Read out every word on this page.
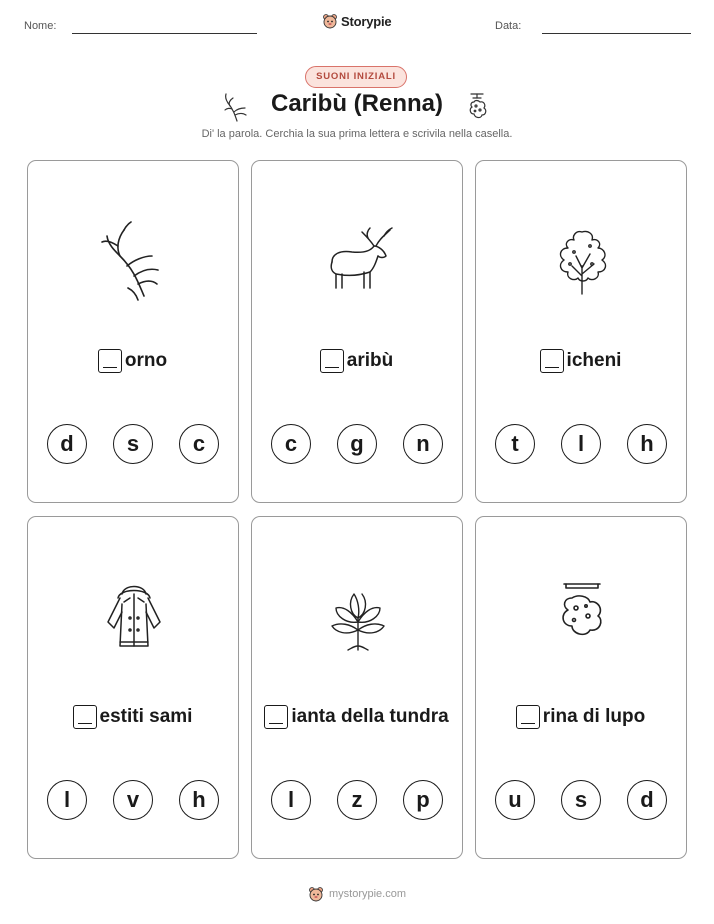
Nome:	Storypie	Data:
SUONI INIZIALI
Caribù (Renna)
Di' la parola. Cerchia la sua prima lettera e scrivila nella casella.
orno
d	s	c
aribù
c	g	n
icheni
t	l	h
estiti sami
l	v	h
ianta della tundra
l	z	p
rina di lupo
u	s	d
mystorypie.com
